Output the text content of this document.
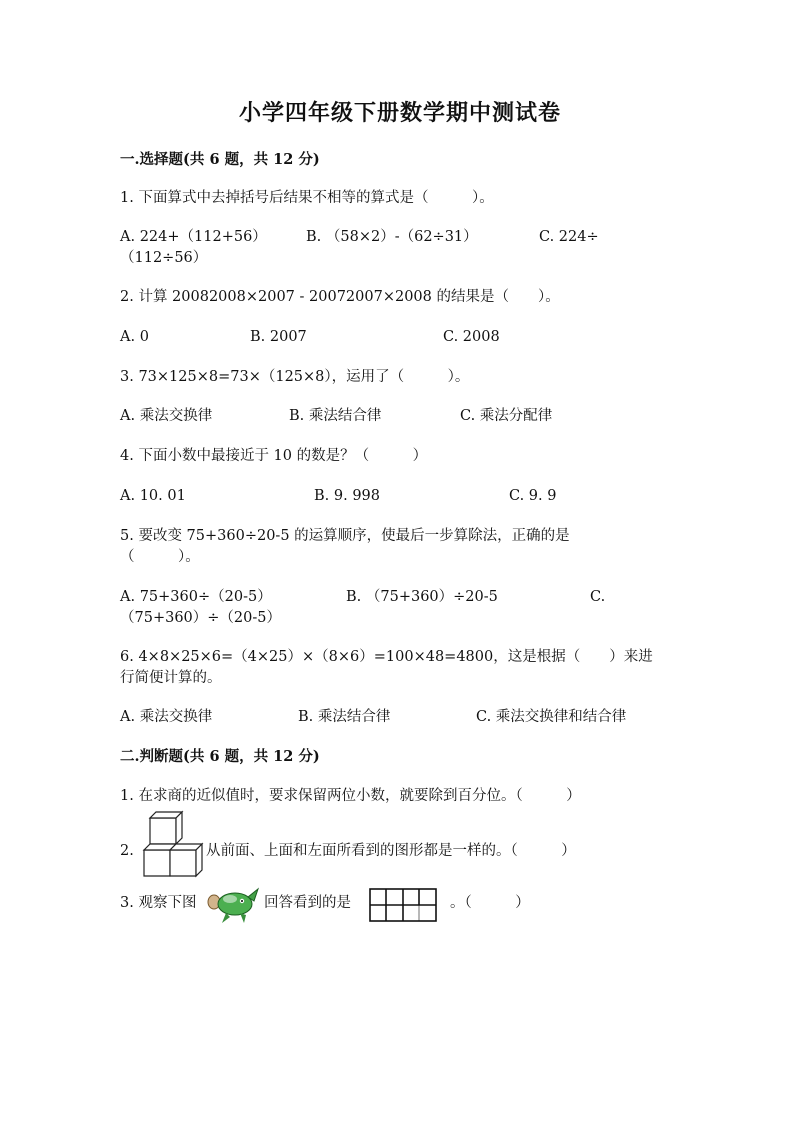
小学四年级下册数学期中测试卷
一.选择题(共 6 题，共 12 分)
1. 下面算式中去掉括号后结果不相等的算式是（　　　）。
A. 224+（112+56）	B. （58×2）-（62÷31）	C. 224÷
（112÷56）
2. 计算 20082008×2007 - 20072007×2008 的结果是（　　）。
A. 0	B. 2007	C. 2008
3. 73×125×8=73×（125×8），运用了（　　　）。
A. 乘法交换律	B. 乘法结合律	C. 乘法分配律
4. 下面小数中最接近于 10 的数是？（　　　）
A. 10. 01	B. 9. 998	C. 9. 9
5. 要改变 75+360÷20-5 的运算顺序，使最后一步算除法，正确的是
（　　　）。
A. 75+360÷（20-5）	B. （75+360）÷20-5	C.
（75+360）÷（20-5）
6. 4×8×25×6=（4×25）×（8×6）=100×48=4800，这是根据（　　）来进
行简便计算的。
A. 乘法交换律	B. 乘法结合律	C. 乘法交换律和结合律
二.判断题(共 6 题，共 12 分)
1. 在求商的近似值时，要求保留两位小数，就要除到百分位。（　　　）
2.	从前面、上面和左面所看到的图形都是一样的。（　　　）
3. 观察下图	回答看到的是	。（　　　）
